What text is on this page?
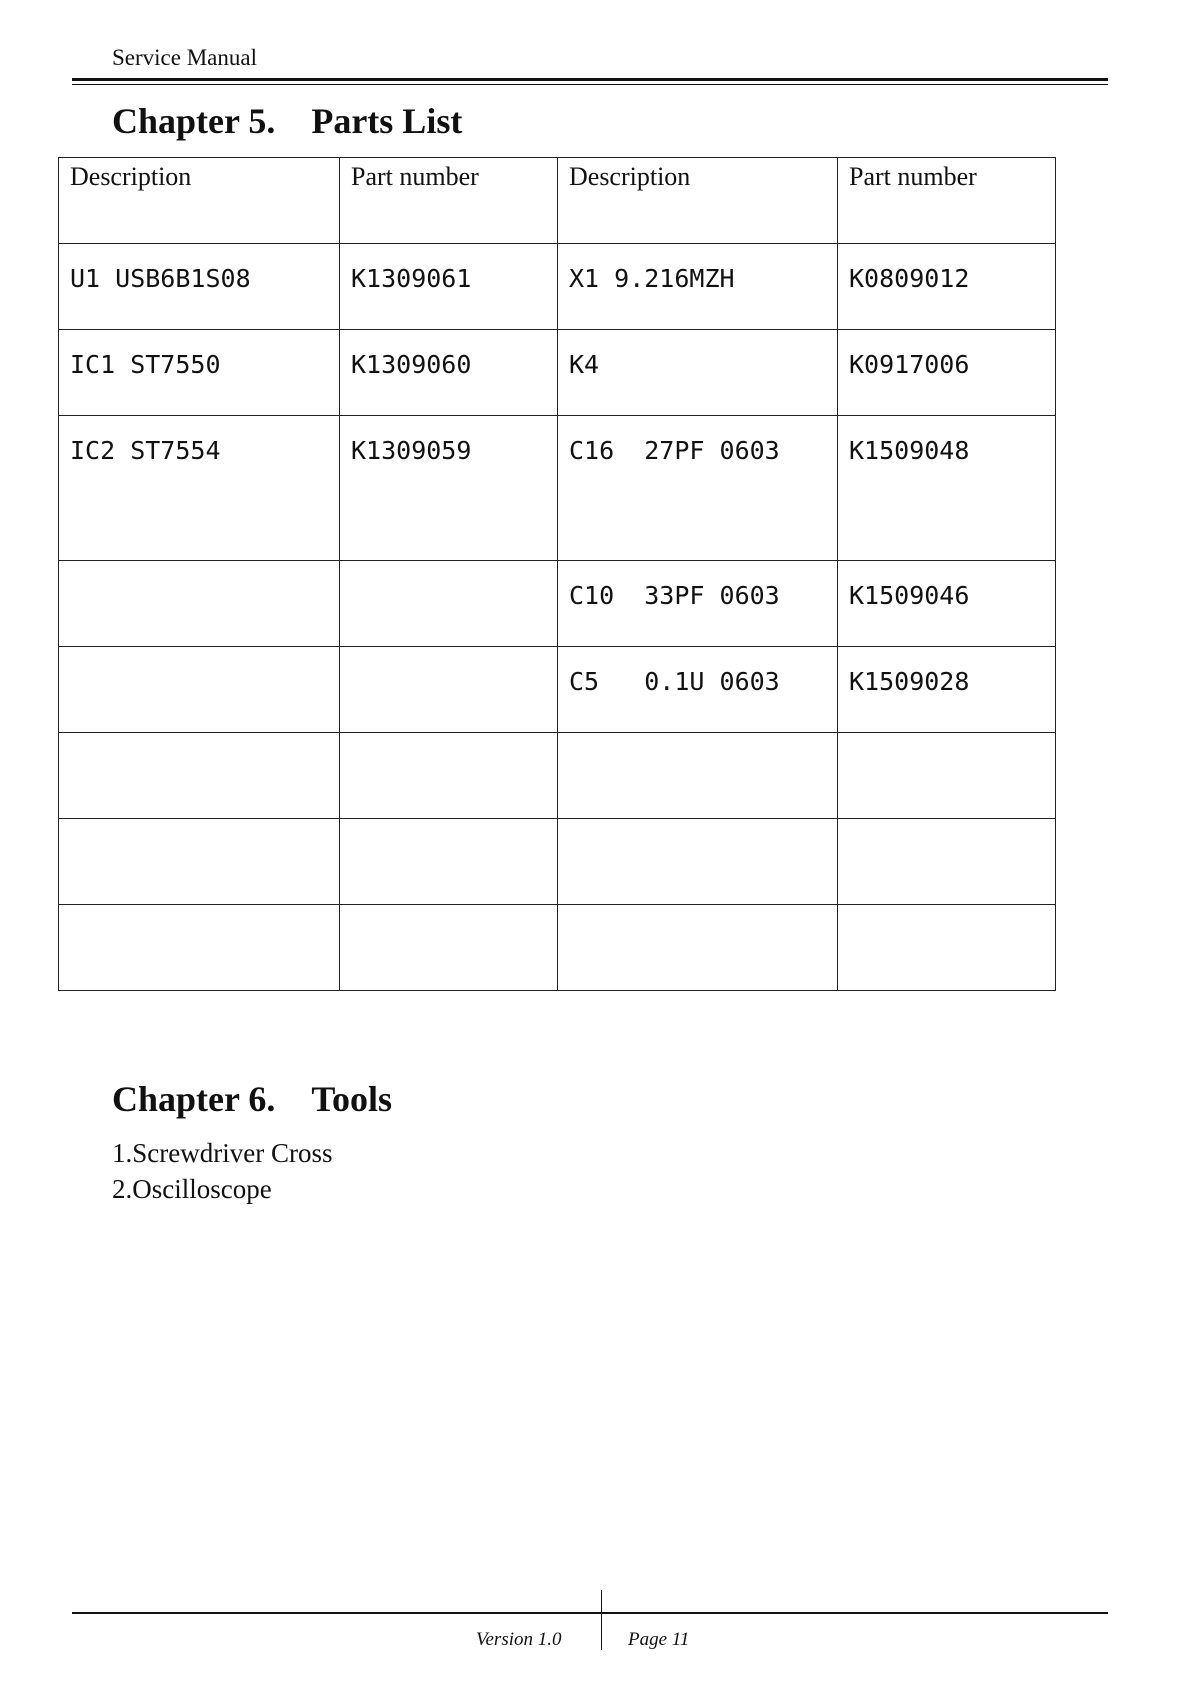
Service Manual
Chapter 5.　Parts List
Description	Part number	Description	Part number
U1 USB6B1S08	K1309061	X1 9.216MZH	K0809012
IC1 ST7550	K1309060	K4	K0917006
IC2 ST7554	K1309059	C16  27PF 0603	K1509048
		C10  33PF 0603	K1509046
		C5   0.1U 0603	K1509028

Chapter 6.　Tools
1.Screwdriver Cross
2.Oscilloscope
Version 1.0	Page 11
